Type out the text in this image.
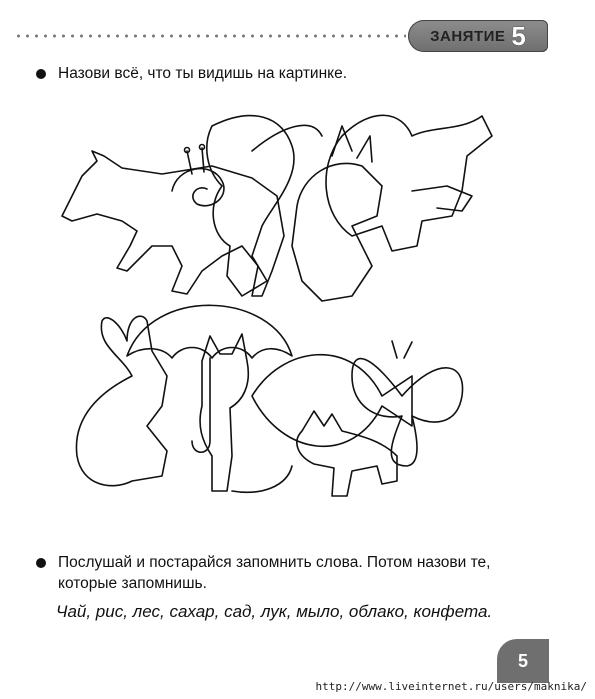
ЗАНЯТИЕ 5
Назови всё, что ты видишь на картинке.
Послушай и постарайся запомнить слова. Потом назови те, которые запомнишь.
Чай, рис, лес, сахар, сад, лук, мыло, облако, конфета.
5
http://www.liveinternet.ru/users/maknika/
